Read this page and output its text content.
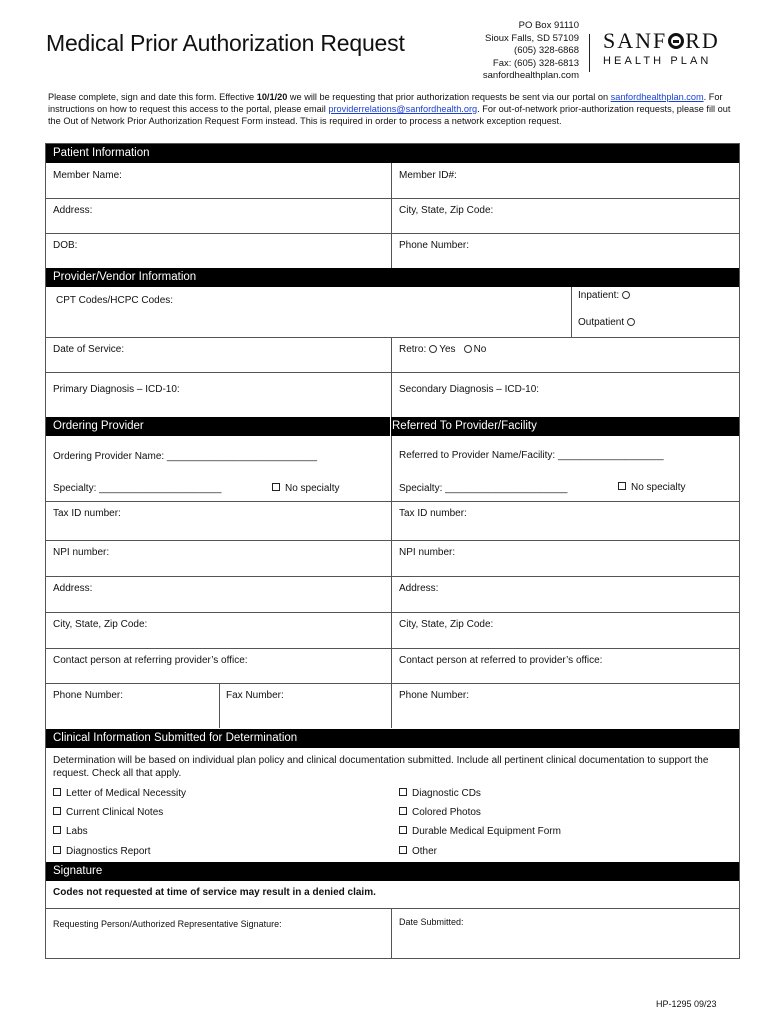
Medical Prior Authorization Request
PO Box 91110
Sioux Falls, SD 57109
(605) 328-6868
Fax: (605) 328-6813
sanfordhealthplan.com
SANF RD
HEALTH PLAN
Please complete, sign and date this form. Effective 10/1/20 we will be requesting that prior authorization requests be sent via our portal on sanfordhealthplan.com. For instructions on how to request this access to the portal, please email providerrelations@sanfordhealth.org. For out-of-network prior-authorization requests, please fill out the Out of Network Prior Authorization Request Form instead. This is required in order to process a network exception request.
Patient Information
Member Name:	Member ID#:
Address:	City, State, Zip Code:
DOB:	Phone Number:
Provider/Vendor Information
CPT Codes/HCPC Codes:	Inpatient:
Outpatient
Date of Service:	Retro: Yes No
Primary Diagnosis – ICD-10:	Secondary Diagnosis – ICD-10:
Ordering Provider	Referred To Provider/Facility
Ordering Provider Name: ___________________________	Referred to Provider Name/Facility: ___________________
Specialty: ______________________	No specialty	Specialty: ______________________	No specialty
Tax ID number:	Tax ID number:
NPI number:	NPI number:
Address:	Address:
City, State, Zip Code:	City, State, Zip Code:
Contact person at referring provider’s office:	Contact person at referred to provider’s office:
Phone Number:	Fax Number:	Phone Number:
Clinical Information Submitted for Determination
Determination will be based on individual plan policy and clinical documentation submitted. Include all pertinent clinical documentation to support the request. Check all that apply.
Letter of Medical Necessity
Current Clinical Notes
Labs
Diagnostics Report
Diagnostic CDs
Colored Photos
Durable Medical Equipment Form
Other
Signature
Codes not requested at time of service may result in a denied claim.
Requesting Person/Authorized Representative Signature:	Date Submitted:
HP-1295 09/23
